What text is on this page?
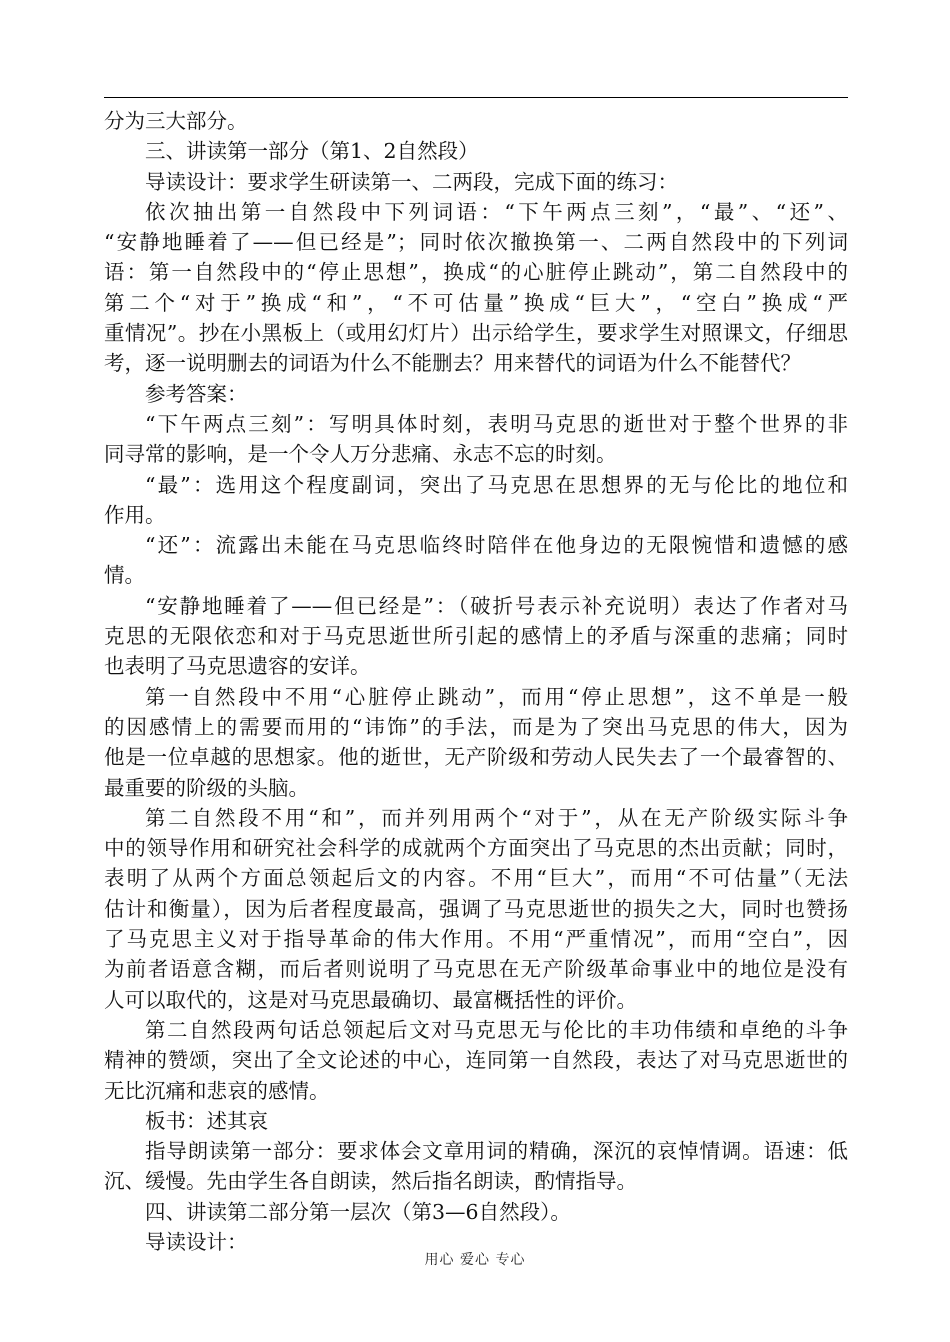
分为三大部分。
三、讲读第一部分（第1、2自然段）
导读设计：要求学生研读第一、二两段，完成下面的练习：
依次抽出第一自然段中下列词语：“下午两点三刻”，“最”、“还”、
“安静地睡着了——但已经是”；同时依次撤换第一、二两自然段中的下列词
语：第一自然段中的“停止思想”，换成“的心脏停止跳动”，第二自然段中的
第二个“对于”换成“和”，“不可估量”换成“巨大”，“空白”换成“严
重情况”。抄在小黑板上（或用幻灯片）出示给学生，要求学生对照课文，仔细思
考，逐一说明删去的词语为什么不能删去？用来替代的词语为什么不能替代？
参考答案：
“下午两点三刻”：写明具体时刻，表明马克思的逝世对于整个世界的非
同寻常的影响，是一个令人万分悲痛、永志不忘的时刻。
“最”：选用这个程度副词，突出了马克思在思想界的无与伦比的地位和
作用。
“还”：流露出未能在马克思临终时陪伴在他身边的无限惋惜和遗憾的感
情。
“安静地睡着了——但已经是”：（破折号表示补充说明）表达了作者对马
克思的无限依恋和对于马克思逝世所引起的感情上的矛盾与深重的悲痛；同时
也表明了马克思遗容的安详。
第一自然段中不用“心脏停止跳动”，而用“停止思想”，这不单是一般
的因感情上的需要而用的“讳饰”的手法，而是为了突出马克思的伟大，因为
他是一位卓越的思想家。他的逝世，无产阶级和劳动人民失去了一个最睿智的、
最重要的阶级的头脑。
第二自然段不用“和”，而并列用两个“对于”，从在无产阶级实际斗争
中的领导作用和研究社会科学的成就两个方面突出了马克思的杰出贡献；同时，
表明了从两个方面总领起后文的内容。不用“巨大”，而用“不可估量”（无法
估计和衡量），因为后者程度最高，强调了马克思逝世的损失之大，同时也赞扬
了马克思主义对于指导革命的伟大作用。不用“严重情况”，而用“空白”，因
为前者语意含糊，而后者则说明了马克思在无产阶级革命事业中的地位是没有
人可以取代的，这是对马克思最确切、最富概括性的评价。
第二自然段两句话总领起后文对马克思无与伦比的丰功伟绩和卓绝的斗争
精神的赞颂，突出了全文论述的中心，连同第一自然段，表达了对马克思逝世的
无比沉痛和悲哀的感情。
板书：述其哀
指导朗读第一部分：要求体会文章用词的精确，深沉的哀悼情调。语速：低
沉、缓慢。先由学生各自朗读，然后指名朗读，酌情指导。
四、讲读第二部分第一层次（第3—6自然段）。
导读设计：
用心 爱心 专心
